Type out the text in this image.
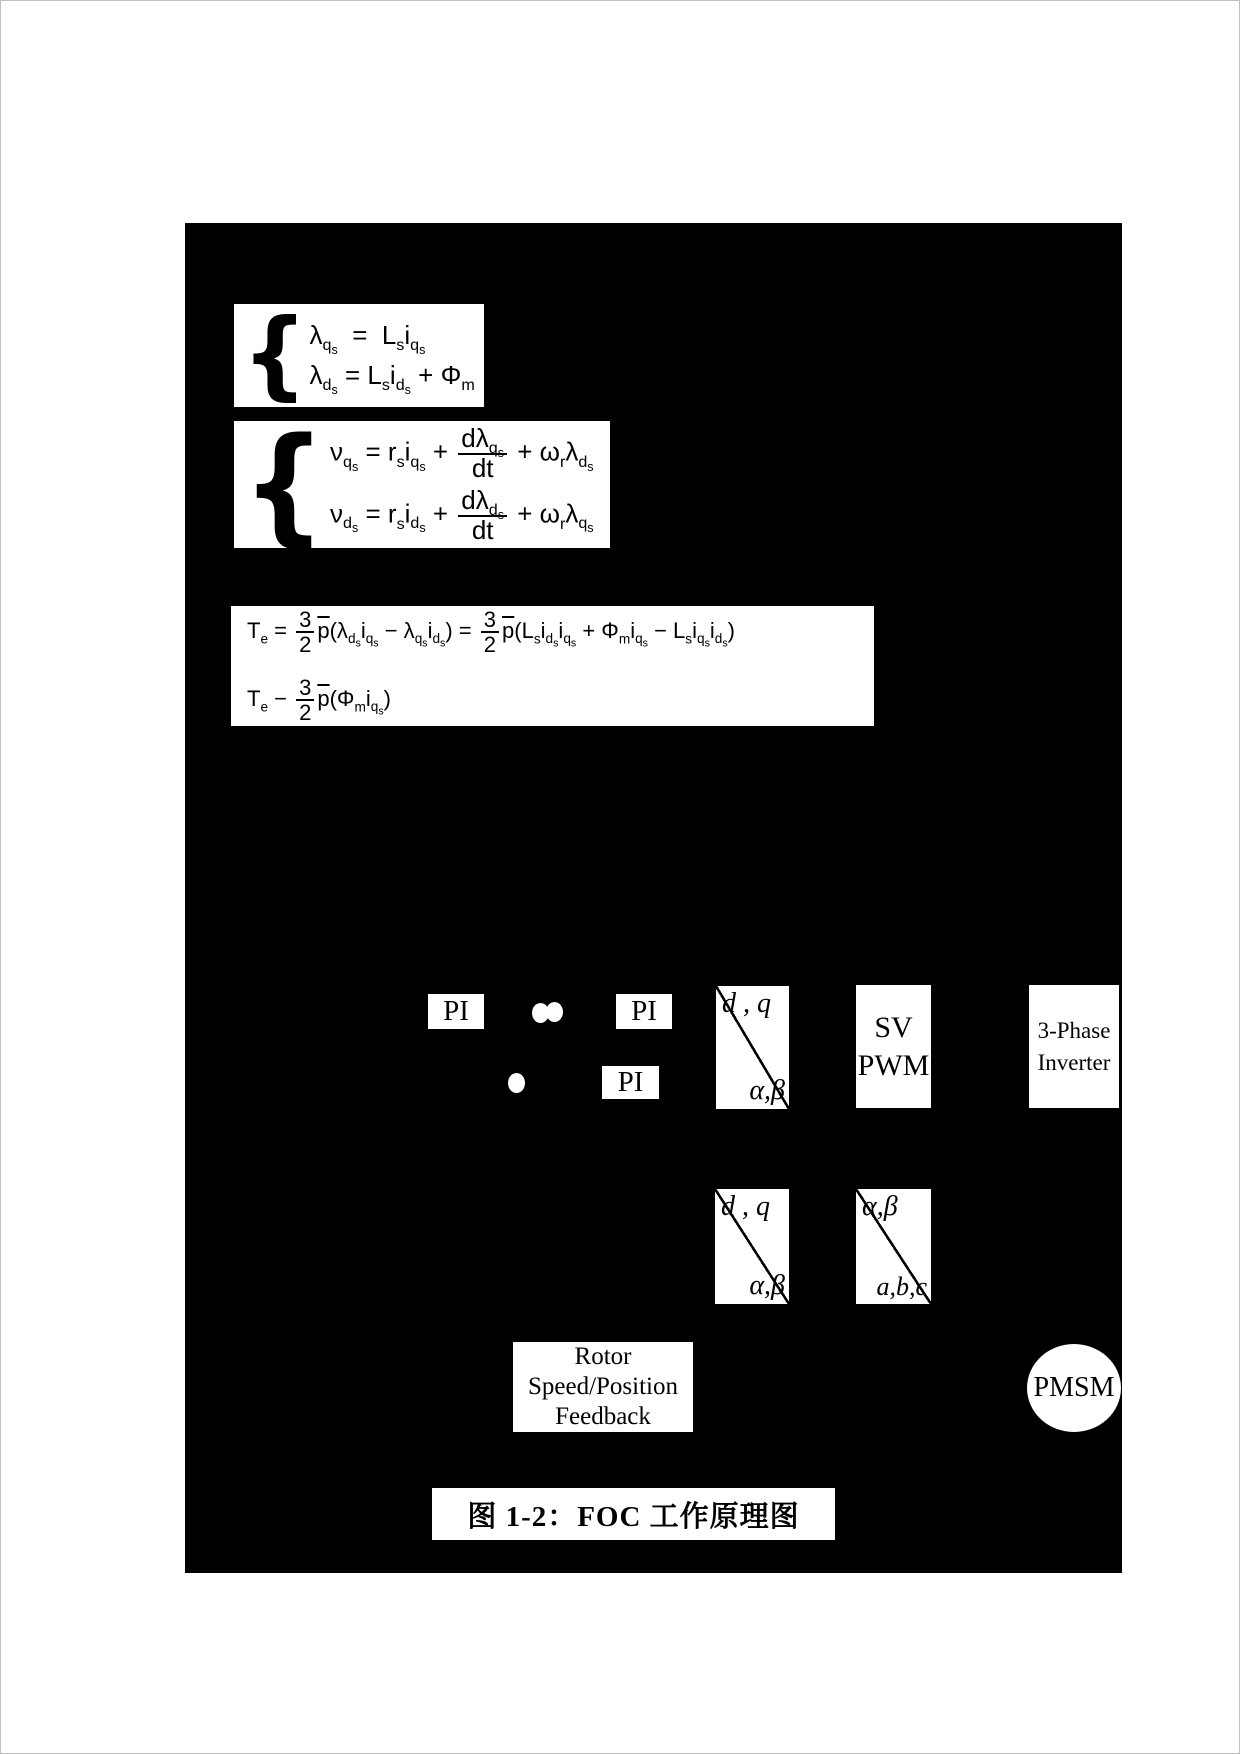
{ $\lambda_{q_s} = L_si_{q_s}$
$\lambda_{d_s} = L_si_{d_s} + \Phi_m$
{ $\nu_{q_s} = r_si_{q_s} + \frac{d\lambda_{q_s}}{dt} + \omega_r\lambda_{d_s}$
$\nu_{d_s} = r_si_{d_s} + \frac{d\lambda_{d_s}}{dt} + \omega_r\lambda_{q_s}$
$T_e = \frac{3}{2} \overline{p}(\lambda_{d_s}i_{q_s} - \lambda_{q_s}i_{d_s}) = \frac{3}{2} \overline{p}(L_si_{d_s}i_{q_s} + \Phi_mi_{q_s} - L_si_{q_s}i_{d_s})$
$T_e - \frac{3}{2} \overline{p}(\Phi_mi_{q_s})$
PI	PI
PI
d , q
α,β
SV
PWM
3-Phase
Inverter
d , q
α,β
α,β
a,b,c
Rotor
Speed/Position
Feedback
PMSM
图 1-2：FOC 工作原理图
